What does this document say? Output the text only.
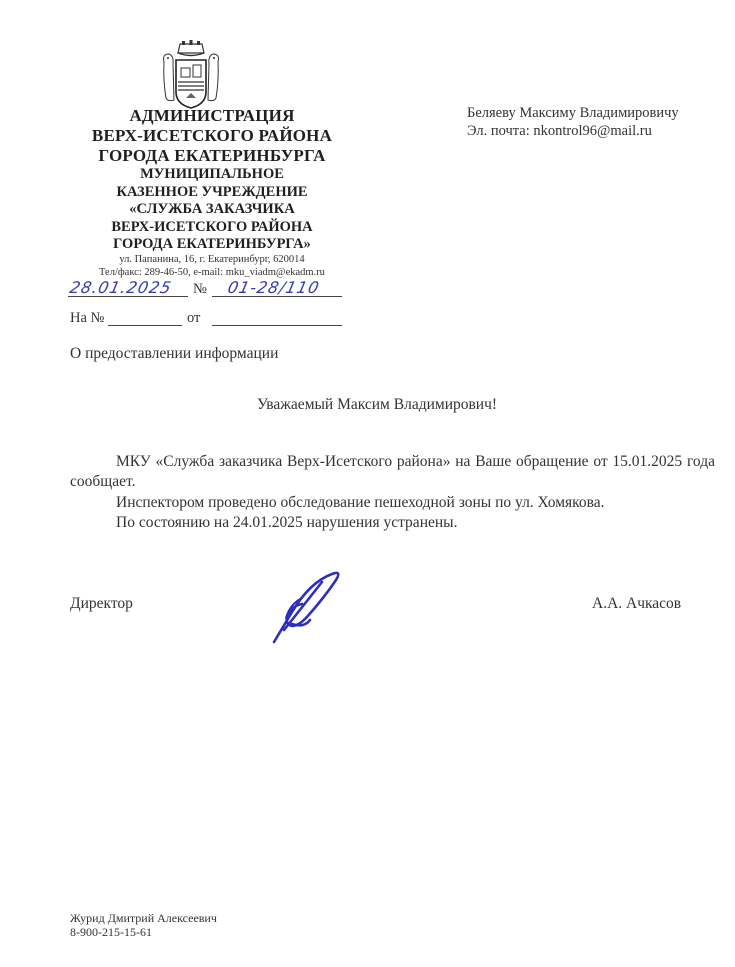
АДМИНИСТРАЦИЯ
ВЕРХ-ИСЕТСКОГО РАЙОНА
ГОРОДА ЕКАТЕРИНБУРГА
МУНИЦИПАЛЬНОЕ
КАЗЕННОЕ УЧРЕЖДЕНИЕ
«СЛУЖБА ЗАКАЗЧИКА
ВЕРХ-ИСЕТСКОГО РАЙОНА
ГОРОДА ЕКАТЕРИНБУРГА»
ул. Папанина, 16, г. Екатеринбург, 620014
Тел/факс: 289-46-50, e-mail: mku_viadm@ekadm.ru
28.01.2025 № 01-28/110
На №	от
Беляеву Максиму Владимировичу
Эл. почта: nkontrol96@mail.ru
О предоставлении информации
Уважаемый Максим Владимирович!
МКУ «Служба заказчика Верх-Исетского района» на Ваше обращение от 15.01.2025 года сообщает.
Инспектором проведено обследование пешеходной зоны по ул. Хомякова.
По состоянию на 24.01.2025 нарушения устранены.
Директор	А.А. Ачкасов
Журид Дмитрий Алексеевич
8-900-215-15-61
